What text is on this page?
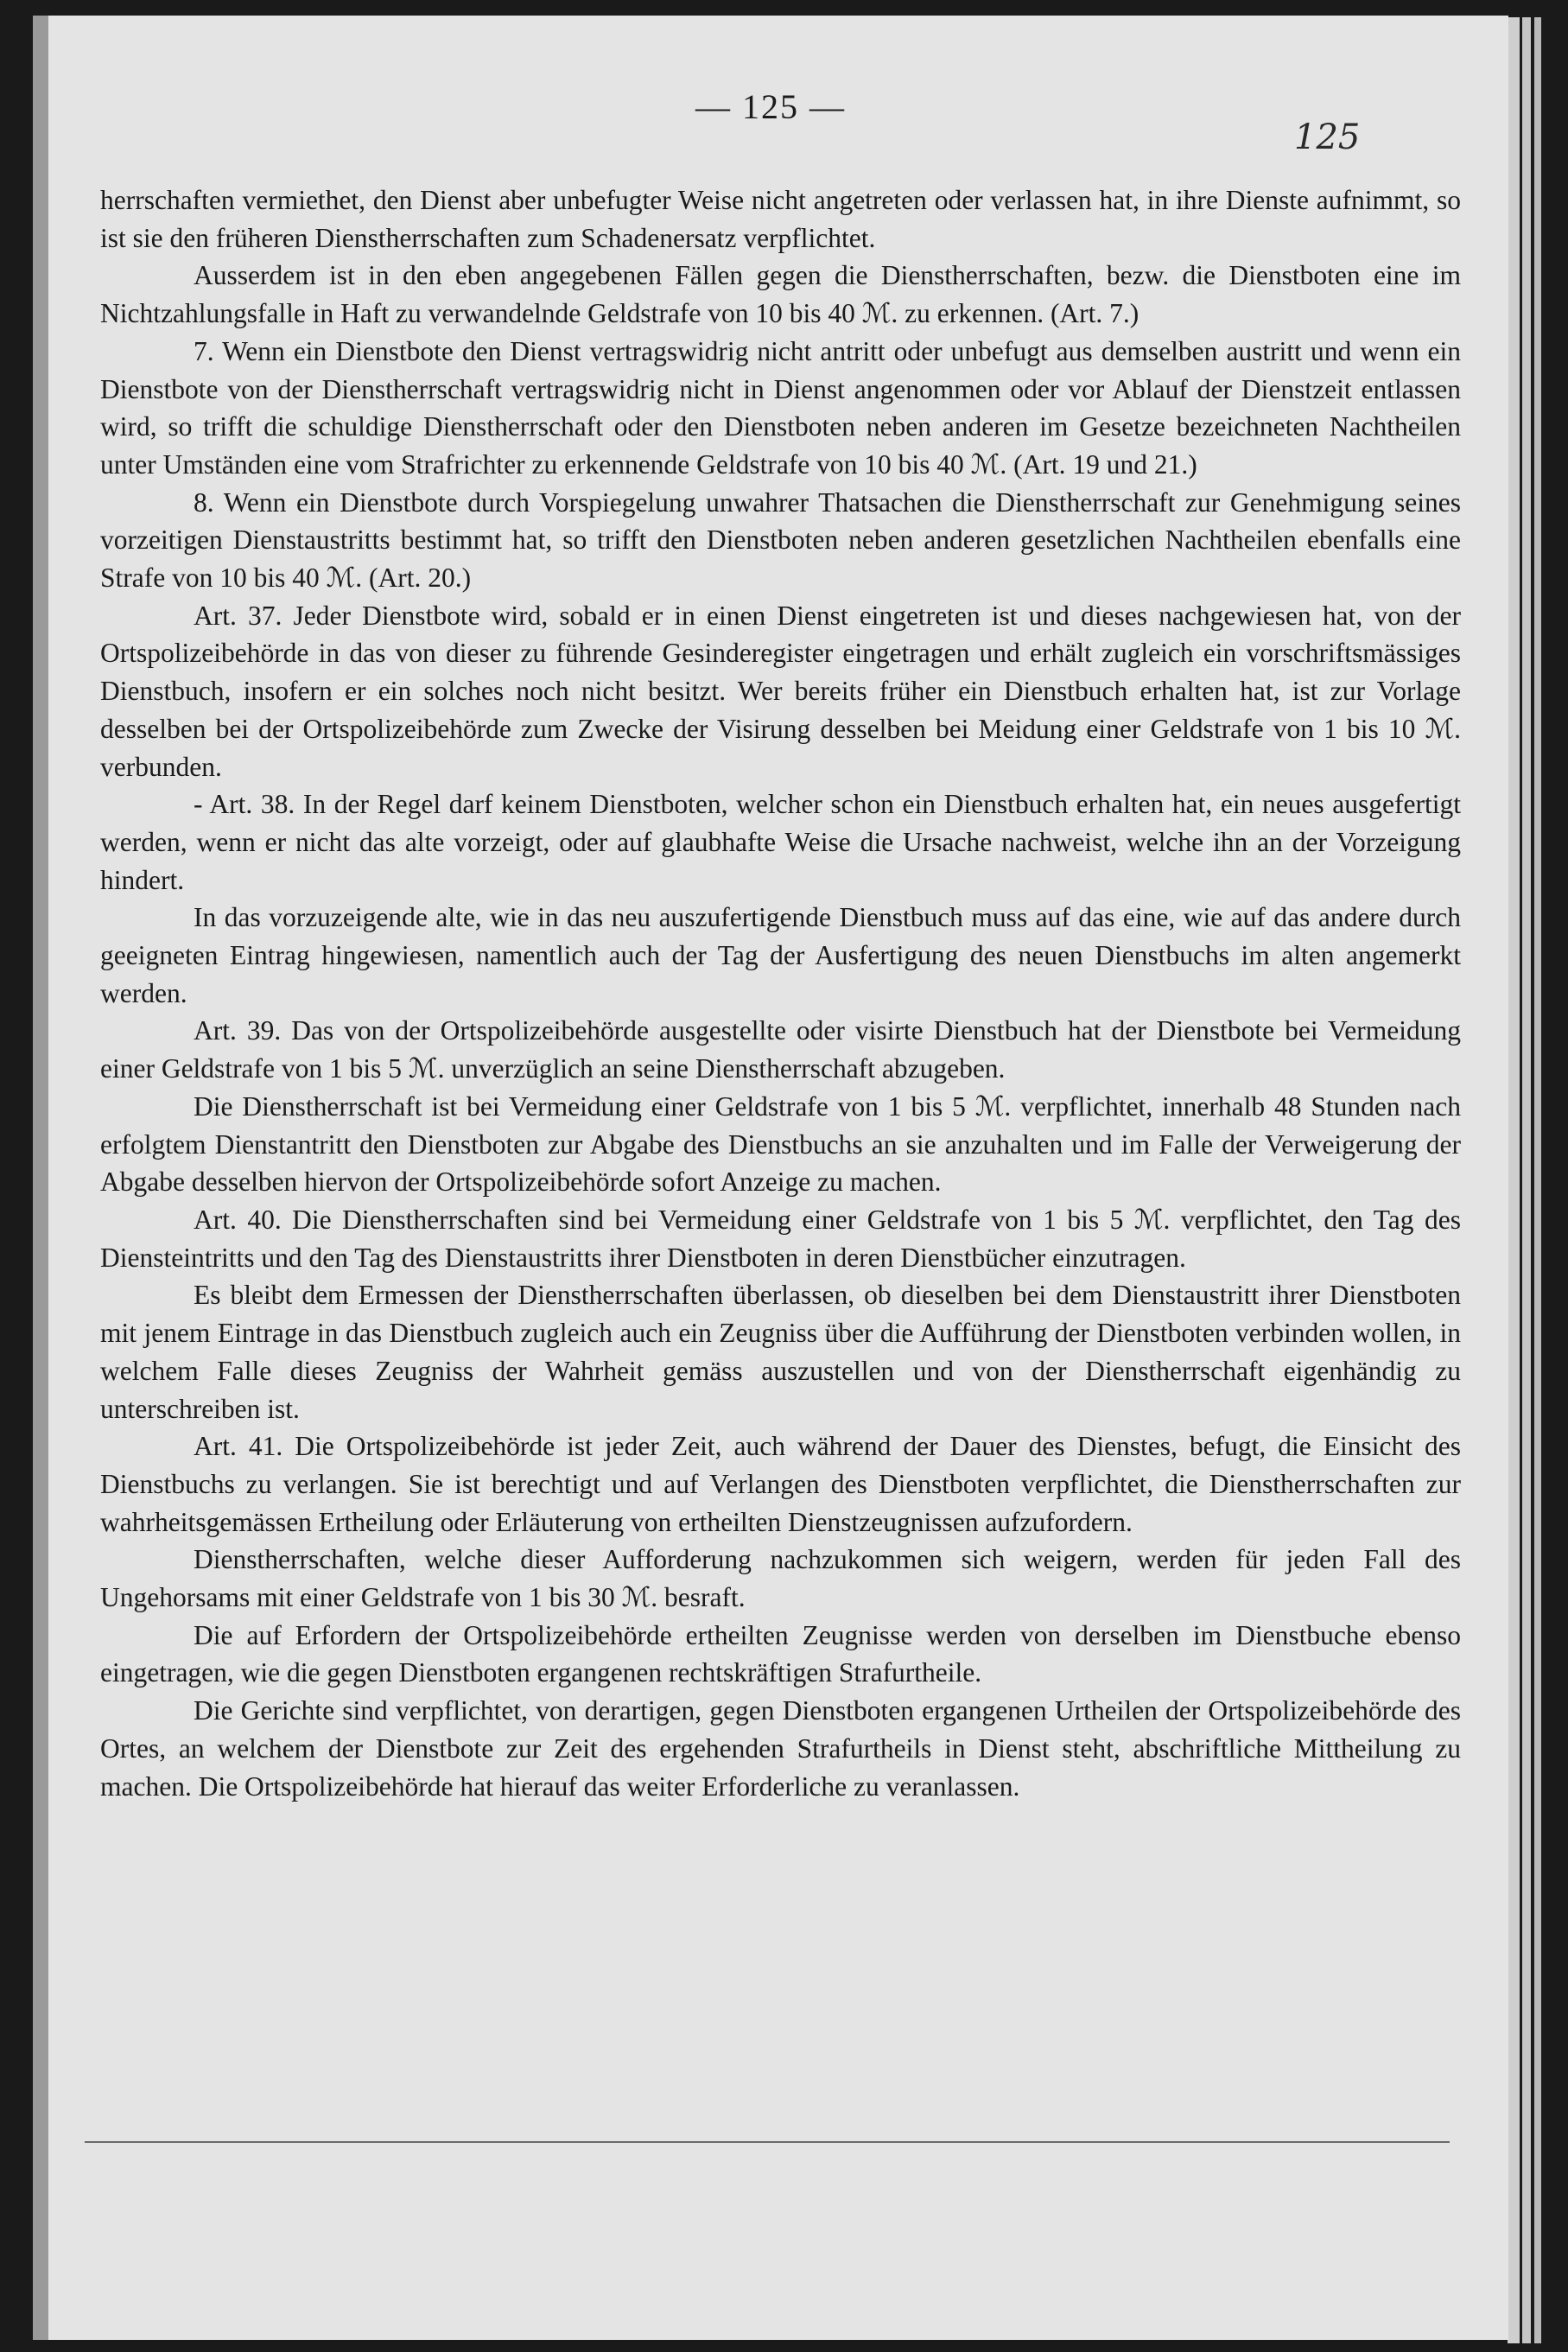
— 125 —
125

herrschaften vermiethet, den Dienst aber unbefugter Weise nicht angetreten oder verlassen hat, in ihre Dienste aufnimmt, so ist sie den früheren Dienstherrschaften zum Schadenersatz verpflichtet.

Ausserdem ist in den eben angegebenen Fällen gegen die Dienstherrschaften, bezw. die Dienstboten eine im Nichtzahlungsfalle in Haft zu verwandelnde Geldstrafe von 10 bis 40 ℳ. zu erkennen. (Art. 7.)

7. Wenn ein Dienstbote den Dienst vertragswidrig nicht antritt oder unbefugt aus demselben austritt und wenn ein Dienstbote von der Dienstherrschaft vertragswidrig nicht in Dienst angenommen oder vor Ablauf der Dienstzeit entlassen wird, so trifft die schuldige Dienstherrschaft oder den Dienstboten neben anderen im Gesetze bezeichneten Nachtheilen unter Umständen eine vom Strafrichter zu erkennende Geldstrafe von 10 bis 40 ℳ. (Art. 19 und 21.)

8. Wenn ein Dienstbote durch Vorspiegelung unwahrer Thatsachen die Dienstherrschaft zur Genehmigung seines vorzeitigen Dienstaustritts bestimmt hat, so trifft den Dienstboten neben anderen gesetzlichen Nachtheilen ebenfalls eine Strafe von 10 bis 40 ℳ. (Art. 20.)

Art. 37. Jeder Dienstbote wird, sobald er in einen Dienst eingetreten ist und dieses nachgewiesen hat, von der Ortspolizeibehörde in das von dieser zu führende Gesinderegister eingetragen und erhält zugleich ein vorschriftsmässiges Dienstbuch, insofern er ein solches noch nicht besitzt. Wer bereits früher ein Dienstbuch erhalten hat, ist zur Vorlage desselben bei der Ortspolizeibehörde zum Zwecke der Visirung desselben bei Meidung einer Geldstrafe von 1 bis 10 ℳ. verbunden.

- Art. 38. In der Regel darf keinem Dienstboten, welcher schon ein Dienstbuch erhalten hat, ein neues ausgefertigt werden, wenn er nicht das alte vorzeigt, oder auf glaubhafte Weise die Ursache nachweist, welche ihn an der Vorzeigung hindert.

In das vorzuzeigende alte, wie in das neu auszufertigende Dienstbuch muss auf das eine, wie auf das andere durch geeigneten Eintrag hingewiesen, namentlich auch der Tag der Ausfertigung des neuen Dienstbuchs im alten angemerkt werden.

Art. 39. Das von der Ortspolizeibehörde ausgestellte oder visirte Dienstbuch hat der Dienstbote bei Vermeidung einer Geldstrafe von 1 bis 5 ℳ. unverzüglich an seine Dienstherrschaft abzugeben.

Die Dienstherrschaft ist bei Vermeidung einer Geldstrafe von 1 bis 5 ℳ. verpflichtet, innerhalb 48 Stunden nach erfolgtem Dienstantritt den Dienstboten zur Abgabe des Dienstbuchs an sie anzuhalten und im Falle der Verweigerung der Abgabe desselben hiervon der Ortspolizeibehörde sofort Anzeige zu machen.

Art. 40. Die Dienstherrschaften sind bei Vermeidung einer Geldstrafe von 1 bis 5 ℳ. verpflichtet, den Tag des Diensteintritts und den Tag des Dienstaustritts ihrer Dienstboten in deren Dienstbücher einzutragen.

Es bleibt dem Ermessen der Dienstherrschaften überlassen, ob dieselben bei dem Dienstaustritt ihrer Dienstboten mit jenem Eintrage in das Dienstbuch zugleich auch ein Zeugniss über die Aufführung der Dienstboten verbinden wollen, in welchem Falle dieses Zeugniss der Wahrheit gemäss auszustellen und von der Dienstherrschaft eigenhändig zu unterschreiben ist.

Art. 41. Die Ortspolizeibehörde ist jeder Zeit, auch während der Dauer des Dienstes, befugt, die Einsicht des Dienstbuchs zu verlangen. Sie ist berechtigt und auf Verlangen des Dienstboten verpflichtet, die Dienstherrschaften zur wahrheitsgemässen Ertheilung oder Erläuterung von ertheilten Dienstzeugnissen aufzufordern.

Dienstherrschaften, welche dieser Aufforderung nachzukommen sich weigern, werden für jeden Fall des Ungehorsams mit einer Geldstrafe von 1 bis 30 ℳ. besraft.

Die auf Erfordern der Ortspolizeibehörde ertheilten Zeugnisse werden von derselben im Dienstbuche ebenso eingetragen, wie die gegen Dienstboten ergangenen rechtskräftigen Strafurtheile.

Die Gerichte sind verpflichtet, von derartigen, gegen Dienstboten ergangenen Urtheilen der Ortspolizeibehörde des Ortes, an welchem der Dienstbote zur Zeit des ergehenden Strafurtheils in Dienst steht, abschriftliche Mittheilung zu machen. Die Ortspolizeibehörde hat hierauf das weiter Erforderliche zu veranlassen.
